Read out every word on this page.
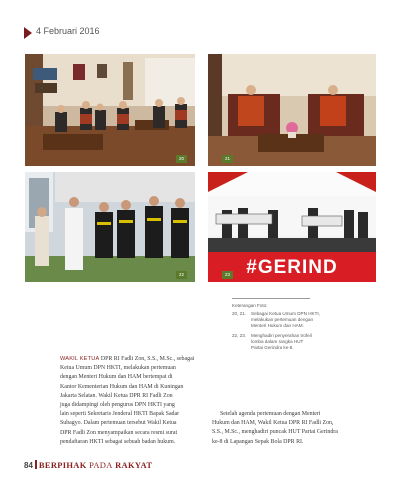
4 Februari 2016
20	21
22	#GERIND
23
Keterangan Foto:
20, 21.	Sebagai Ketua Umum DPN HKTI,
melakukan pertemuan dengan
Menteri Hukum dan HAM.
22, 23.	Menghadiri penyerahan trofeil
lomba dalam rangka HUT
Partai Gerindra ke-8.
WAKIL KETUA DPR RI Fadli Zon, S.S., M.Sc., sebagai
Ketua Umum DPN HKTI, melakukan pertemuan
dengan Menteri Hukum dan HAM bertempat di
Kantor Kementerian Hukum dan HAM di Kuningan
Jakarta Selatan. Wakil Ketua DPR RI Fadli Zon
juga didampingi oleh pengurus DPN HKTI yang
lain seperti Sekretaris Jenderal HKTI Bapak Sadar
Subagyo. Dalam pertemuan tersebut Wakil Ketua
DPR Fadli Zon menyampaikan secara resmi surat
pendaftaran HKTI sebagai sebuah badan hukum.
Setelah agenda pertemuan dengan Menteri
Hukum dan HAM, Wakil Ketua DPR RI Fadli Zon,
S.S., M.Sc., menghadiri puncak HUT Partai Gerindra
ke-8 di Lapangan Sepak Bola DPR RI.
84 BERPIHAK PADA RAKYAT
